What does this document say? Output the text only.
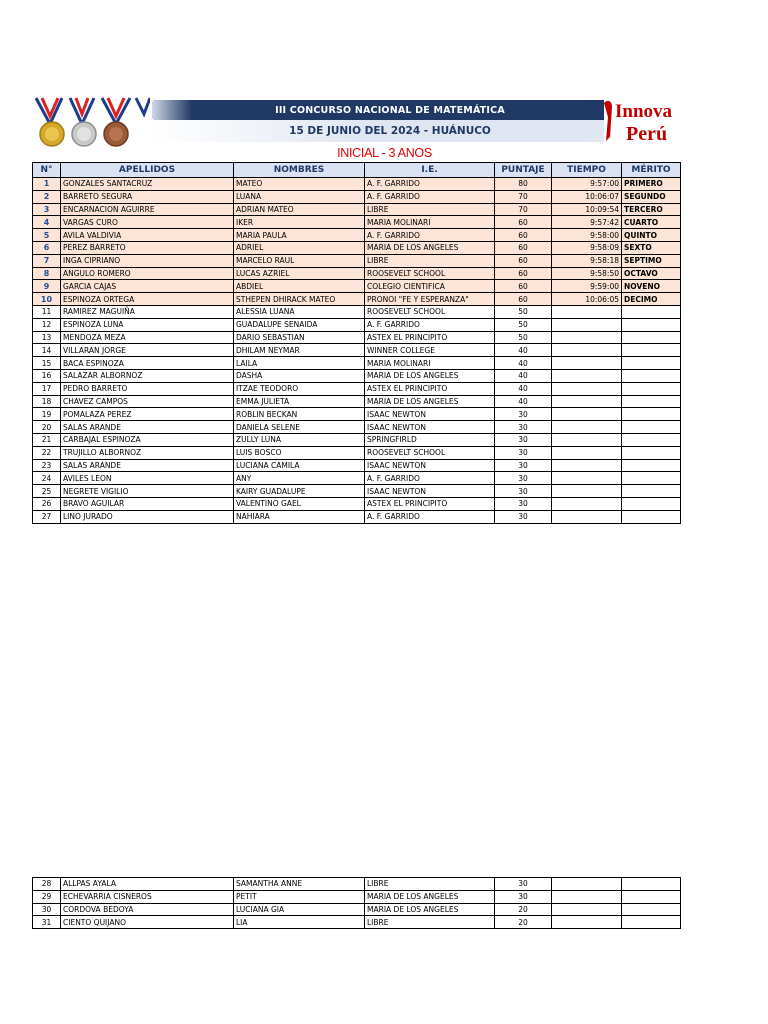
III CONCURSO NACIONAL DE MATEMÁTICA
15 DE JUNIO DEL 2024 - HUÁNUCO
Innova
Perú
INICIAL - 3 ANOS
N°	APELLIDOS	NOMBRES	I.E.	PUNTAJE	TIEMPO	MÉRITO
1	GONZALES SANTACRUZ	MATEO	A. F. GARRIDO	80	9:57:00	PRIMERO
2	BARRETO SEGURA	LUANA	A. F. GARRIDO	70	10:06:07	SEGUNDO
3	ENCARNACION AGUIRRE	ADRIAN MATEO	LIBRE	70	10:09:54	TERCERO
4	VARGAS CURO	IKER	MARIA MOLINARI	60	9:57:42	CUARTO
5	AVILA VALDIVIA	MARIA PAULA	A. F. GARRIDO	60	9:58:00	QUINTO
6	PEREZ BARRETO	ADRIEL	MARIA DE LOS ANGELES	60	9:58:09	SEXTO
7	INGA CIPRIANO	MARCELO RAUL	LIBRE	60	9:58:18	SEPTIMO
8	ANGULO ROMERO	LUCAS AZRIEL	ROOSEVELT SCHOOL	60	9:58:50	OCTAVO
9	GARCIA CAJAS	ABDIEL	COLEGIO CIENTIFICA	60	9:59:00	NOVENO
10	ESPINOZA ORTEGA	STHEPEN DHIRACK MATEO	PRONOI "FE Y ESPERANZA"	60	10:06:05	DECIMO
11	RAMIREZ MAGUIÑA	ALESSIA LUANA	ROOSEVELT SCHOOL	50		
12	ESPINOZA LUNA	GUADALUPE SENAIDA	A. F. GARRIDO	50		
13	MENDOZA MEZA	DARIO SEBASTIAN	ASTEX EL PRINCIPITO	50		
14	VILLARAN JORGE	DHILAM NEYMAR	WINNER COLLEGE	40		
15	BACA ESPINOZA	LAILA	MARIA MOLINARI	40		
16	SALAZAR ALBORNOZ	DASHA	MARIA DE LOS ANGELES	40		
17	PEDRO BARRETO	ITZAE TEODORO	ASTEX EL PRINCIPITO	40		
18	CHAVEZ CAMPOS	EMMA JULIETA	MARIA DE LOS ANGELES	40		
19	POMALAZA PEREZ	ROBLIN BECKAN	ISAAC NEWTON	30		
20	SALAS ARANDE	DANIELA SELENE	ISAAC NEWTON	30		
21	CARBAJAL ESPINOZA	ZULLY LUNA	SPRINGFIRLD	30		
22	TRUJILLO ALBORNOZ	LUIS BOSCO	ROOSEVELT SCHOOL	30		
23	SALAS ARANDE	LUCIANA CAMILA	ISAAC NEWTON	30		
24	AVILES LEON	ANY	A. F. GARRIDO	30		
25	NEGRETE VIGILIO	KAIRY GUADALUPE	ISAAC NEWTON	30		
26	BRAVO AGUILAR	VALENTINO GAEL	ASTEX EL PRINCIPITO	30		
27	LINO JURADO	NAHIARA	A. F. GARRIDO	30		
28	ALLPAS AYALA	SAMANTHA ANNE	LIBRE	30		
29	ECHEVARRIA CISNEROS	PETIT	MARIA DE LOS ANGELES	30		
30	CORDOVA BEDOYA	LUCIANA GIA	MARIA DE LOS ANGELES	20		
31	CIENTO QUIJANO	LIA	LIBRE	20		
